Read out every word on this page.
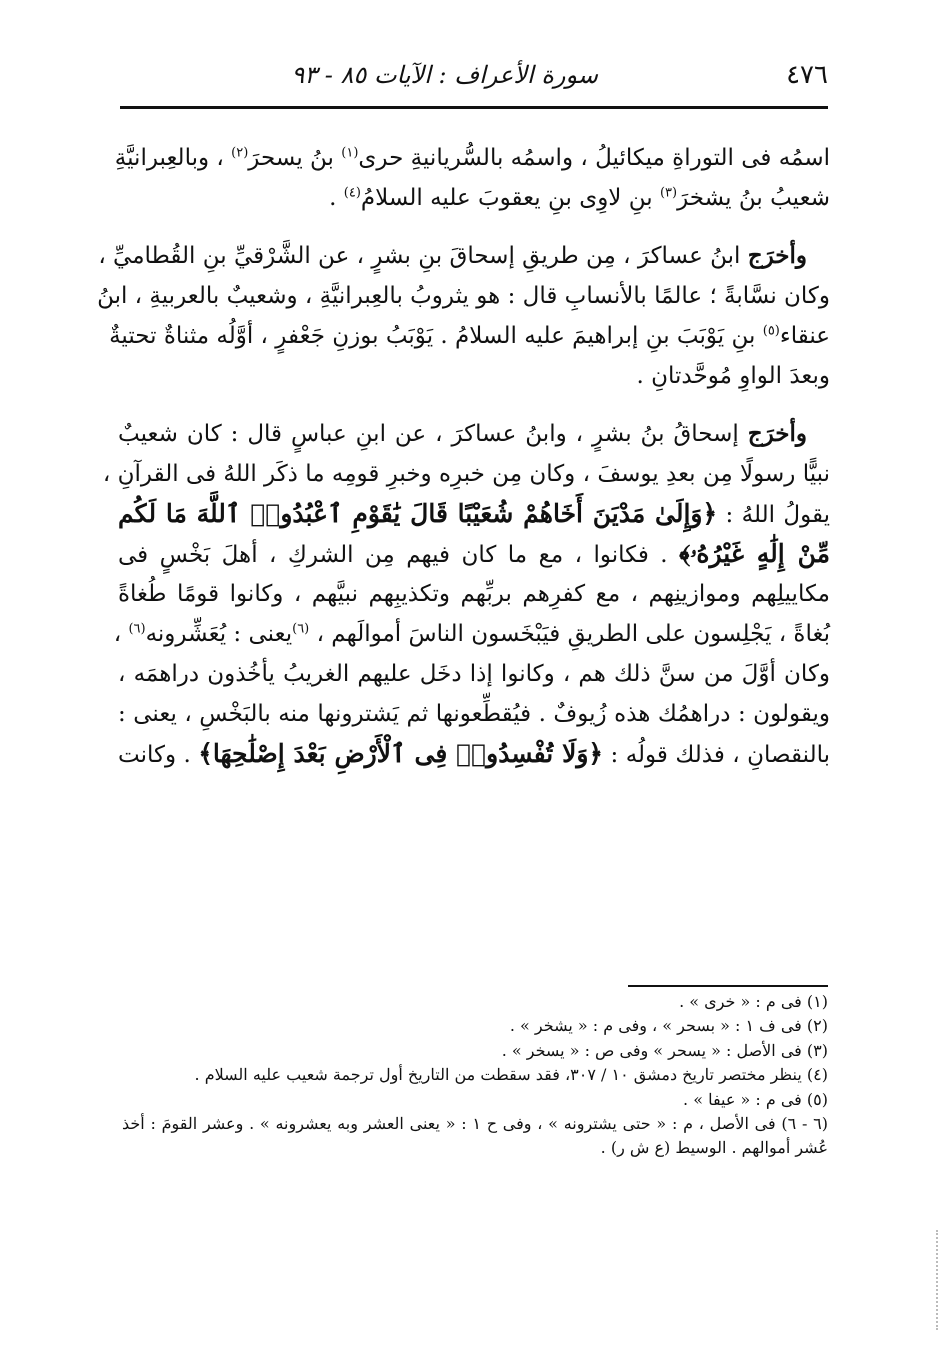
٤٧٦
سورة الأعراف : الآيات ٨٥ - ٩٣
اسمُه فى التوراةِ ميكائيلُ ، واسمُه بالسُّريانيةِ حرى$^{(١)}$ بنُ يسحرَ$^{(٢)}$ ، وبالعِبرانيَّةِ
شعيبُ بنُ يشخرَ$^{(٣)}$ بنِ لاوِى بنِ يعقوبَ عليه السلامُ$^{(٤)}$ .
 وأخرَج ابنُ عساكرَ ، مِن طريقِ إسحاقَ بنِ بشرٍ ، عن الشَّرْقيِّ بنِ القُطاميِّ ،
وكان نسَّابةً ؛ عالمًا بالأنسابِ قال : هو يثروبُ بالعِبرانيَّةِ ، وشعيبٌ بالعربيةِ ، ابنُ
عنقاء$^{(٥)}$ بنِ يَوْبَبَ بنِ إبراهيمَ عليه السلامُ . يَوْبَبُ بوزنِ جَعْفرٍ ، أوَّلُه مثناةٌ تحتيةٌ
وبعدَ الواوِ مُوحَّدتانِ .
 وأخرَج إسحاقُ بنُ بشرٍ ، وابنُ عساكرَ ، عن ابنِ عباسٍ قال : كان شعيبٌ
نبيًّا رسولًا مِن بعدِ يوسفَ ، وكان مِن خبرِه وخبرِ قومِه ما ذكَر اللهُ فى القرآنِ ،
يقولُ اللهُ : ﴿وَإِلَىٰ مَدْيَنَ أَخَاهُمْ شُعَيْبًا قَالَ يَٰقَوْمِ ٱعْبُدُوا۟ ٱللَّهَ مَا لَكُم
مِّنْ إِلَٰهٍ غَيْرُهُۥ﴾ . فكانوا ، مع ما كان فيهم مِن الشركِ ، أهلَ بَخْسٍ فى
مكاييلِهم وموازينِهم ، مع كفرِهم بربِّهم وتكذيبِهم نبيَّهم ، وكانوا قومًا طُغاةً
بُغاةً ، يَجْلِسون على الطريقِ فيَبْخَسون الناسَ أموالَهم ، $^{(٦)}$يعنى : يُعَشِّرونه$^{(٦)}$ ،
وكان أوَّلَ من سنَّ ذلك هم ، وكانوا إذا دخَل عليهم الغريبُ يأخُذون دراهمَه ،
ويقولون : دراهمُك هذه زُيوفٌ . فيُقطِّعونها ثم يَشترونها منه بالبَخْسِ ، يعنى :
بالنقصانِ ، فذلك قولُه : ﴿وَلَا تُفْسِدُوا۟ فِى ٱلْأَرْضِ بَعْدَ إِصْلَٰحِهَا﴾ . وكانت
(١) فى م : « خرى » .
(٢) فى ف ١ : « بسحر » ، وفى م : « يشخر » .
(٣) فى الأصل : « يسحر » وفى ص : « يسخر » .
(٤) ينظر مختصر تاريخ دمشق ١٠ / ٣٠٧، فقد سقطت من التاريخ أول ترجمة شعيب عليه السلام .
(٥) فى م : « عيفا » .
(٦ - ٦) فى الأصل ، م : « حتى يشترونه » ، وفى ح ١ : « يعنى العشر وبه يعشرونه » . وعشر القومَ : أخذ
عُشر أموالهم . الوسيط (ع ش ر) .
